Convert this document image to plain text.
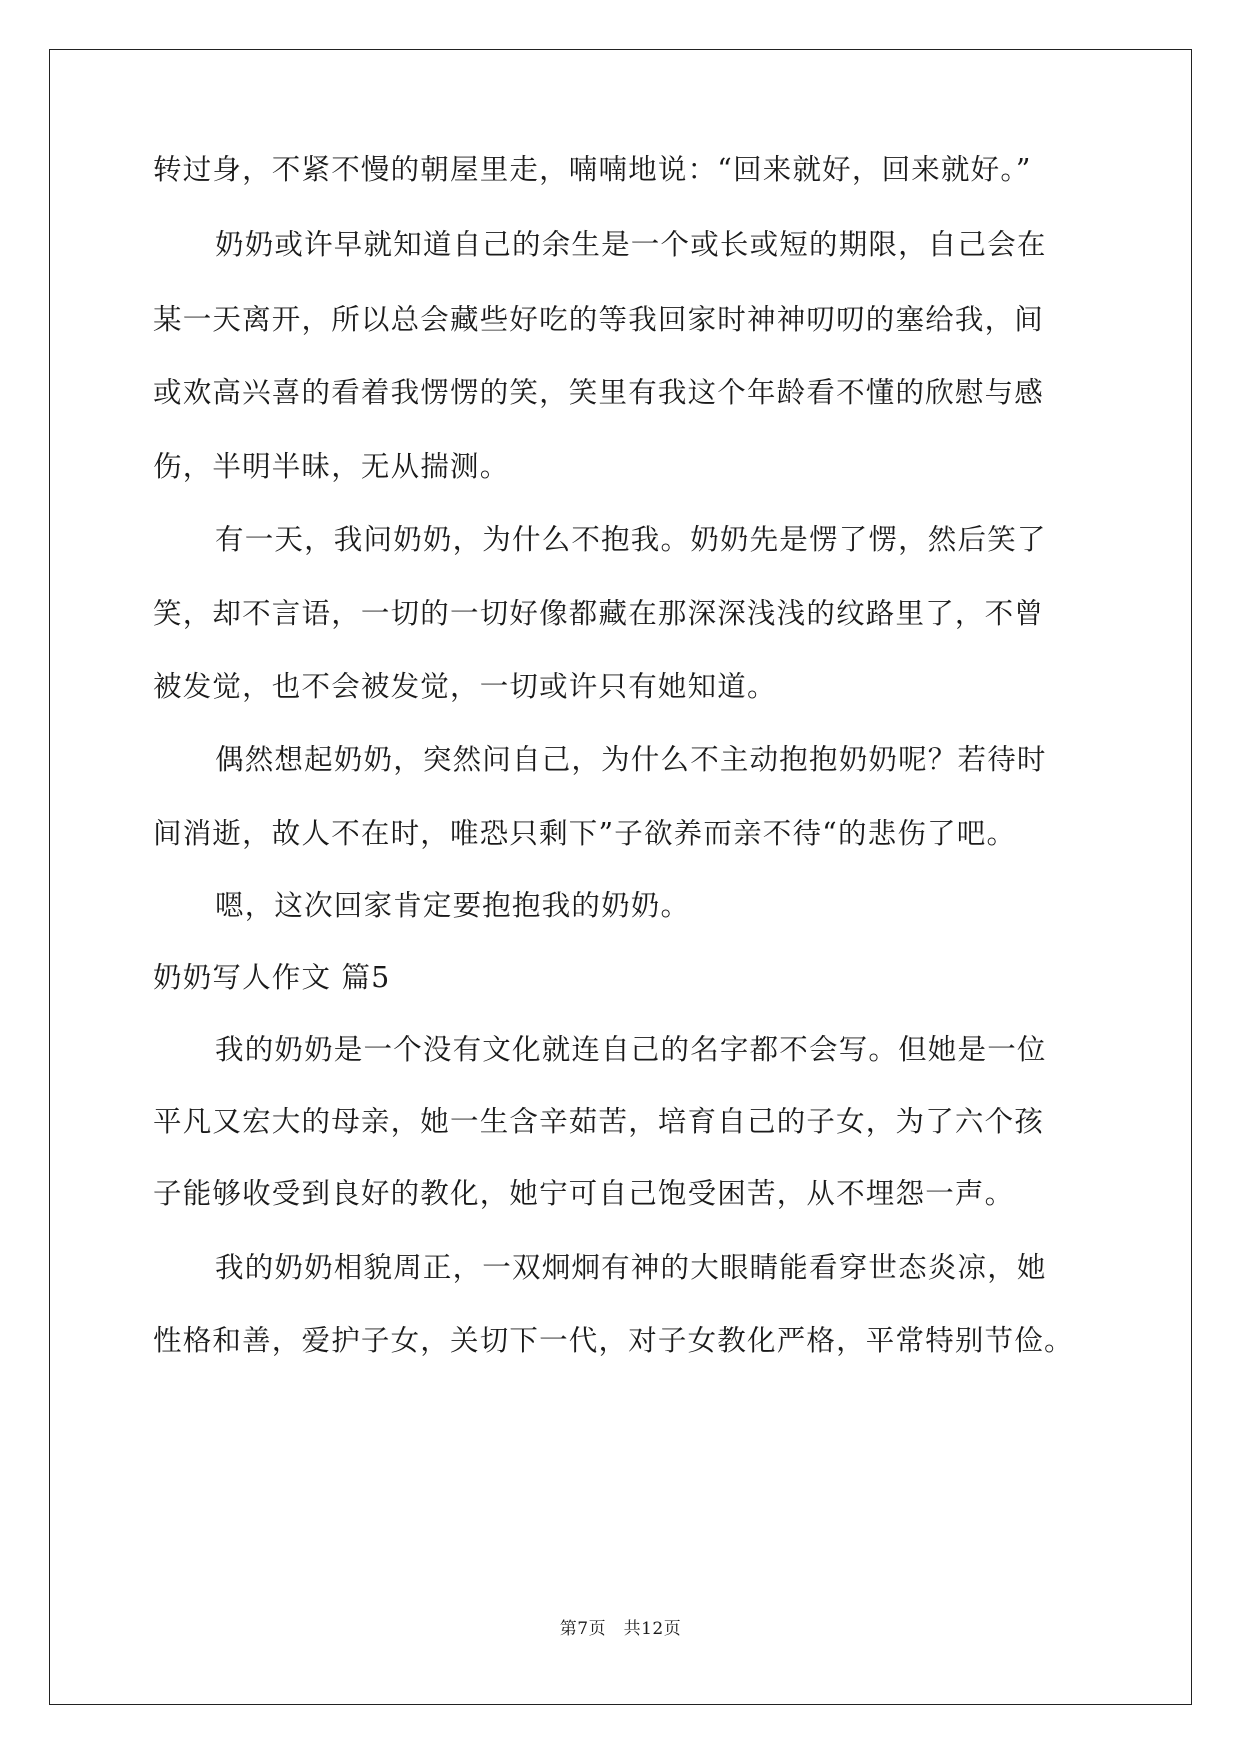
转过身，不紧不慢的朝屋里走，喃喃地说：“回来就好，回来就好。”
奶奶或许早就知道自己的余生是一个或长或短的期限，自己会在
某一天离开，所以总会藏些好吃的等我回家时神神叨叨的塞给我，间
或欢高兴喜的看着我愣愣的笑，笑里有我这个年龄看不懂的欣慰与感
伤，半明半昧，无从揣测。
有一天，我问奶奶，为什么不抱我。奶奶先是愣了愣，然后笑了
笑，却不言语，一切的一切好像都藏在那深深浅浅的纹路里了，不曾
被发觉，也不会被发觉，一切或许只有她知道。
偶然想起奶奶，突然问自己，为什么不主动抱抱奶奶呢？若待时
间消逝，故人不在时，唯恐只剩下”子欲养而亲不待“的悲伤了吧。
嗯，这次回家肯定要抱抱我的奶奶。
奶奶写人作文 篇5
我的奶奶是一个没有文化就连自己的名字都不会写。但她是一位
平凡又宏大的母亲，她一生含辛茹苦，培育自己的子女，为了六个孩
子能够收受到良好的教化，她宁可自己饱受困苦，从不埋怨一声。
我的奶奶相貌周正，一双炯炯有神的大眼睛能看穿世态炎凉，她
性格和善，爱护子女，关切下一代，对子女教化严格，平常特别节俭。
第7页　共12页
